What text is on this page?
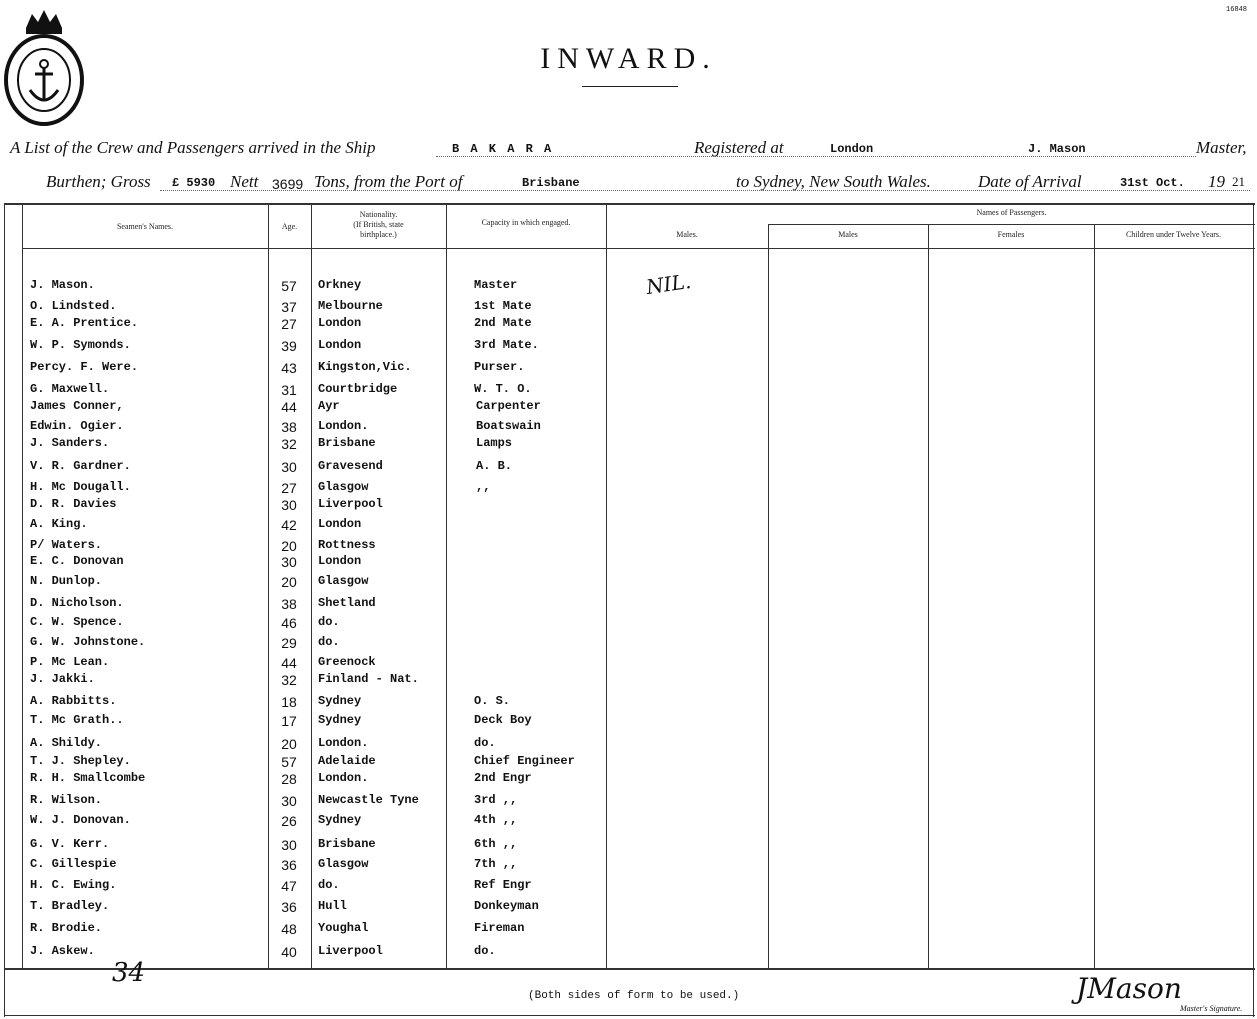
16848
INWARD.
A List of the Crew and Passengers arrived in the Ship	B A K A R A	Registered at	London	J. Mason	Master,
Burthen; Gross £ 5930 Nett 3699 Tons, from the Port of	Brisbane	to Sydney, New South Wales.	Date of Arrival	31st Oct. 19 21
Seamen's Names.	Age.
Nationality.
(If British, state
birthplace.)
Capacity in which engaged.
Males.
Names of Passengers.
Males	Females	Children under Twelve Years.
NIL.
J. Mason.	57	Orkney	Master
O. Lindsted.	37	Melbourne	1st Mate
E. A. Prentice.	27	London	2nd Mate
W. P. Symonds.	39	London	3rd Mate.
Percy. F. Were.	43	Kingston,Vic.	Purser.
G. Maxwell.	31	Courtbridge	W. T. O.
James Conner,	44	Ayr	Carpenter
Edwin. Ogier.	38	London.	Boatswain
J. Sanders.	32	Brisbane	Lamps
V. R. Gardner.	30	Gravesend	A. B.
H. Mc Dougall.	27	Glasgow	,,
D. R. Davies	30	Liverpool
A. King.	42	London
P/ Waters.	20	Rottness
E. C. Donovan	30	London
N. Dunlop.	20	Glasgow
D. Nicholson.	38	Shetland
C. W. Spence.	46	do.
G. W. Johnstone.	29	do.
P. Mc Lean.	44	Greenock
J. Jakki.	32	Finland - Nat.
A. Rabbitts.	18	Sydney	O. S.
T. Mc Grath..	17	Sydney	Deck Boy
A. Shildy.	20	London.	do.
T. J. Shepley.	57	Adelaide	Chief Engineer
R. H. Smallcombe	28	London.	2nd Engr
R. Wilson.	30	Newcastle Tyne	3rd ,,
W. J. Donovan.	26	Sydney	4th ,,
G. V. Kerr.	30	Brisbane	6th ,,
C. Gillespie	36	Glasgow	7th ,,
H. C. Ewing.	47	do.	Ref Engr
T. Bradley.	36	Hull	Donkeyman
R. Brodie.	48	Youghal	Fireman
J. Askew.	40	Liverpool	do.
34
(Both sides of form to be used.)	JMason
Master's Signature.
